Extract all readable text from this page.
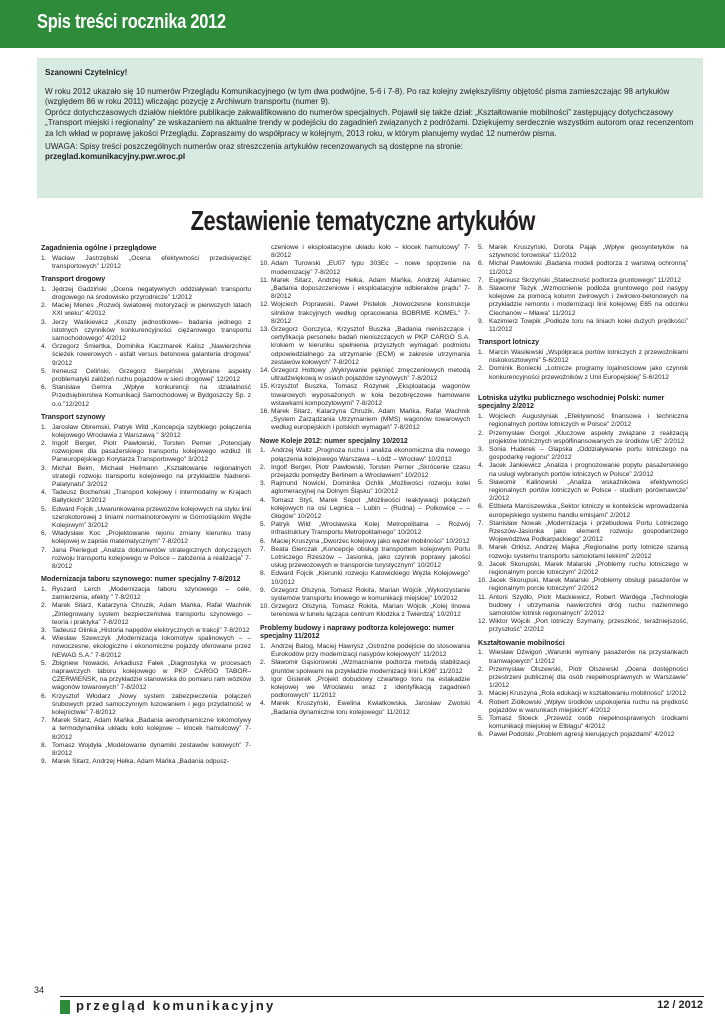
Spis treści rocznika 2012

Szanowni Czytelnicy!

W roku 2012 ukazało się 10 numerów Przeglądu Komunikacyjnego (w tym dwa podwójne, 5-6 i 7-8). Po raz kolejny zwiększyliśmy objętość pisma zamieszczając 98 artykułów (względem 86 w roku 2011) wliczając pozycję z Archiwum transportu (numer 9).

Oprócz dotychczasowych działów niektóre publikacje zakwalifikowano do numerów specjalnych. Pojawił się także dział: „Kształtowanie mobilności” zastępujący dotychczasowy „Transport miejski i regionalny” ze wskazaniem na aktualne trendy w podejściu do zagadnień związanych z podróżami. Dziękujemy serdecznie wszystkim autorom oraz recenzentom za Ich wkład w poprawę jakości Przeglądu. Zapraszamy do współpracy w kolejnym, 2013 roku, w którym planujemy wydać 12 numerów pisma.

UWAGA: Spisy treści poszczególnych numerów oraz streszczenia artykułów recenzowanych są dostępne na stronie:

przeglad.komunikacyjny.pwr.wroc.pl

Zestawienie tematyczne artykułów
Zagadnienia ogólne i przeglądowe
1. Wacław Jastrzębski „Ocena efektywności przedsięwzięć transportowych” 1/2012
Transport drogowy
1. Jędrzej Gadziński „Ocena negatywnych oddziaływań transportu drogowego na środowisko przyrodnicze” 1/2012
2. Maciej Menes „Rozwój światowej motoryzacji w pierwszych latach XXI wieku” 4/2012
3. Jerzy Waśkiewicz „Koszty jednostkowe– badania jednego z istotnych czynników konkurencyjności ciężarowego transportu samochodowego” 4/2012
4. Grzegorz Śmiertka, Dominika Kaczmarek Kalisz „Nawierzchnie ścieżek rowerowych - asfalt versus betonowa galanteria drogowa” 9/2012
5. Ireneusz Celiński, Grzegorz Sierpiński „Wybrane aspekty problematyki załóżeń ruchu pojazdów w sieci drogowej” 12/2012
6. Stanisław Gemra „Wpływ konkurencji na działalność Przedsiębiorstwa Komunikacji Samochodowej w Bydgoszczy Sp. z o.o.”12/2012
Transport szynowy
1. Jarosław Obremski, Patryk Wild „Koncepcja szybkiego połączenia kolejowego Wrocławia z Warszawą ” 3/2012
2. Ingolf Berger, Piotr Pawłowski, Torsten Perner „Potencjały rozwojowe dla pasażerskiego transportu kolejowego wzdłuż III Paneuropejskiego Korytarza Transportowego” 3/2012
3. Michał Beim, Michael Heilmann „Kształtowanie regionalnych strategii rozwoju transportu kolejowego na przykładzie Nadrenii-Palatynatu” 3/2012
4. Tadeusz Bocheński „Transport kolejowy i intermodalny w Krajach Bałtyckich” 3/2012
5. Edward Fojcik „Uwarunkowania przewozów kolejowych na styku linii szerokotorowej z liniami normalnotorowymi w Górnośląskim Węźle Kolejowym” 3/2012
6. Władysław Koc „Projektowanie rejonu zmiany kierunku trasy kolejowej w zapisie matematycznym” 7-8/2012
7. Jana Pieriegud „Analiza dokumentów strategicznych dotyczących rozwoju transportu kolejowego w Polsce – założenia a realizacja” 7-8/2012
Modernizacja taboru szynowego: numer specjalny 7-8/2012
1. Ryszard Lerch „Modernizacja taboru szynowego – cele, zamierzenia, efekty ” 7-8/2012
2. Marek Sitarz, Katarzyna Chruzik, Adam Mańka, Rafał Wachnik „Zintegrowany system bezpieczeństwa transportu szynowego – teoria i praktyka” 7-8/2012
3. Tadeusz Glinka „Historia napędów elektrycznych w trakcji” 7-8/2012
4. Wiesław Szewczyk „Modernizacja lokomotyw spalinowych – – nowoczesne, ekologiczne i ekonomiczne pojazdy oferowane przez NEWAG S.A.” 7-8/2012
5. Zbigniew Nowacki, Arkadiusz Fałek „Diagnostyka w procesach naprawczych taboru kolejowego w PKP CARGO TABOR– CZERWIEŃSK, na przykładzie stanowiska do pomiaru ram wózków wagonów towarowych” 7-8/2012
6. Krzysztof Włodarz „Nowy system zabezpieczenia połączeń śrubowych przed samoczynnym luzowaniem i jego przydatność w kolejnictwie” 7-8/2012
7. Marek Sitarz, Adam Mańka „Badania aerodynamiczne lokomotywy a termodynamika układu koło kolejowe – klocek hamulcowy” 7-8/2012
8. Tomasz Wojdyła „Modelowanie dynamiki zestawów kołowych” 7-8/2012
9. Marek Sitarz, Andrzej Hełka, Adam Mańka „Badania odpusz-
czeniowe i eksploatacyjne układu koło – klocek hamulcowy” 7-8/2012
10. Adam Turowski „EU07 typu 303Ec – nowe spojrzenie na modernizację” 7-8/2012
11. Marek Sitarz, Andrzej Hełka, Adam Mańka, Andrzej Adamiec „Badania dopuszczeniowe i eksploatacyjne odbieraków prądu” 7-8/2012
12. Wojciech Poprawski, Paweł Pistelok „Nowoczesne konstrukcje silników trakcyjnych według opracowania BOBRME KOMEL” 7-8/2012
13. Grzegorz Gorczyca, Krzysztof Buszka „Badania nieniszczące i certyfikacja personelu badań nieniszczących w PKP CARGO S.A. krokiem w kierunku spełnienia przyszłych wymagań podmiotu odpowiedzialnego za utrzymanie (ECM) w zakresie utrzymania zestawów kołowych” 7-8/2012
14. Grzegorz Hottowy „Wykrywanie pęknięć zmęczeniowych metodą ultradźwiękową w osiach pojazdów szynowych” 7-8/2012
15. Krzysztof Buszka, Tomasz Rozynek „Eksploatacja wagonów towarowych wyposażonych w koła bezobręczowe hamowane wstawkami kompozytowymi” 7-8/2012
16. Marek Sitarz, Katarzyna Chruzik, Adam Mańka, Rafał Wachnik „System Zarządzania Utrzymaniem (MMS) wagonów towarowych według europejskich i polskich wymagań” 7-8/2012
Nowe Koleje 2012: numer specjalny 10/2012
1. Andrzej Waltz „Prognoza ruchu i analiza ekonomiczna dla nowego połączenia kolejowego Warszawa – Łódź – Wrocław” 10/2012
2. Ingolf Berger, Piotr Pawłowski, Torsten Perner „Skrócenie czasu przejazdu pomiędzy Berlinem a Wrocławiem” 10/2012
3. Rajmund Nowicki, Dominika Ochlik „Możliwości rozwoju kolei aglomeracyjnej na Dolnym Śląsku” 10/2012
4. Tomasz Styś, Marek Sopot „Możliwości reaktywacji połączeń kolejowych na osi Legnica – Lubin – (Rudna) – Polkowice – – Głogów” 10/2012
5. Patryk Wild „Wrocławska Kolej Metropolitalna – Rozwój Infrastruktury Transportu Metropolitalnego” 10/2012
6. Maciej Kruszyna „Dworzec kolejowy jako węzeł mobilności” 10/2012
7. Beata Gierczak „Koncepcje obsługi transportem kolejowym Portu Lotniczego Rzeszów – Jasionka, jako czynnik poprawy jakości usług przewozowych w transporcie turystycznym” 10/2012
8. Edward Fojcik „Kierunki rozwoju Katowickiego Węzła Kolejowego” 10/2012
9. Grzegorz Olszyna, Tomasz Rokita, Marian Wójcik „Wykorzystanie systemów transportu linowego w komunikacji miejskiej” 10/2012
10. Grzegorz Olszyna, Tomasz Rokita, Marian Wójcik „Kolej linowa terenowa w tunelu łącząca centrum Kłodzka z Twierdzą” 10/2012
Problemy budowy i naprawy podtorza kolejowego: numer specjalny 11/2012
1. Andrzej Batog, Maciej Hawrysz „Ostrożne podejście do stosowania Eurokodów przy modernizacji nasypów kolejowych” 11/2012
2. Sławomir Gąsiorowski „Wzmacnianie podtorza metodą stabilizacji gruntów spoiwami na przykładzie modernizacji linii LK96” 11/2012
3. Igor Gisterek „Projekt dobudowy czwartego toru na estakadzie kolejowej we Wrocławiu wraz z identyfikacją zagadnień podtorowych” 11/2012
4. Marek Kruszyński, Ewelina Kwiatkowska, Jarosław Zwolski „Badania dynamiczne toru kolejowego” 11/2012
5. Marek Kruszyński, Dorota Pająk „Wpływ geosyntetyków na sztywność torowiska” 11/2012
6. Michał Pawłowski „Badania modeli podtorza z warstwą ochronną” 11/2012
7. Eugeniusz Skrzyński „Stateczność podtorza gruntowego” 11/2012
8. Sławomir Teżyk „Wzmocnienie podłoża gruntowego pod nasypy kolejowe za pomocą kolumn żwirowych i żwirowo-betonowych na przykładzie remontu i modernizacji linii kolejowej E65 na odcinku Ciechanów – Mława” 11/2012
9. Kazimierz Towpik „Podłoże toru na liniach kolei dużych prędkości” 11/2012
Transport lotniczy
1. Marcin Wasilewski „Współpraca portów lotniczych z przewoźnikami niskokosztowymi” 5-6/2012
2. Dominik Boniecki „Lotnicze programy lojalnościowe jako czynnik konkurencyjności przewoźników z Unii Europejskiej” 5-6/2012
Lotniska użytku publicznego wschodniej Polski: numer specjalny 2/2012
1. Wojciech Augustyniak „Efektywność finansowa i techniczna regionalnych portów lotniczych w Polsce” 2/2012
2. Przemysław Gorgol „Kluczowe aspekty związane z realizacją projektów lotnicznych współfinansowanych ze środków UE” 2/2012
3. Sonia Huderek – Glapska „Oddziaływanie portu lotniczego na gospodarkę regionu” 2/2012
4. Jacek Jankiewicz „Analiza i prognozowanie popytu pasażerskiego na usługi wybranych portów lotniczych w Polsce” 2/2012
5. Sławomir Kalinowski „Analiza wskaźnikowa efektywności regionalnych portów lotniczych w Polsce - studium porównawcze” 2/2012
6. Elżbieta Marciszewska „Sektor lotniczy w kontekście wprowadzenia europejskiego systemu handlu emisjami” 2/2012
7. Stanisław Nowak „Modernizacja i przebudowa Portu Lotniczego Rzeszów-Jasionka jako element rozwoju gospodarczego Województwa Podkarpackiego” 2/2012
8. Marek Orkisz, Andrzej Majka „Regionalne porty lotnicze szansą rozwoju systemu transportu samolotami lekkimi” 2/2012
9. Jacek Skorupski, Marek Malarski „Problemy ruchu lotniczego w regionalnym porcie lotniczym” 2/2012
10. Jacek Skorupski, Marek Malarski „Problemy obsługi pasażerów w regionalnym porcie lotniczym” 2/2012
11. Antoni Szydło, Piotr Mackiewicz, Robert Wardęga „Technologie budowy i utrzymania nawierzchni dróg ruchu naziemnego samolotów lotnisk regionalnych” 2/2012
12. Wiktor Wójcik „Port lotniczy Szymany, przeszłość, teraźniejszość, przyszłość” 2/2012
Kształtowanie mobilności
1. Wiesław Dźwigoń „Warunki wymiany pasażerów na przystankach tramwajowych” 1/2012
2. Przemysław Olszewski, Piotr Olszewski „Ocena dostępności przestrzeni publicznej dla osób niepełnosprawnych w Warszawie” 1/2012
3. Maciej Kruszyna „Rola edukacji w kształtowaniu mobilności” 1/2012
4. Robert Ziółkowski „Wpływ środków uspokojenia ruchu na prędkość pojazdów w warunkach miejskich” 4/2012
5. Tomasz Stoeck „Przewóz osób niepełnosprawnych środkami komunikacji miejskiej w Elblągu” 4/2012
6. Paweł Podolski „Problem agresji kierujących pojazdami” 4/2012
34
przegląd komunikacyjny	12 / 2012
